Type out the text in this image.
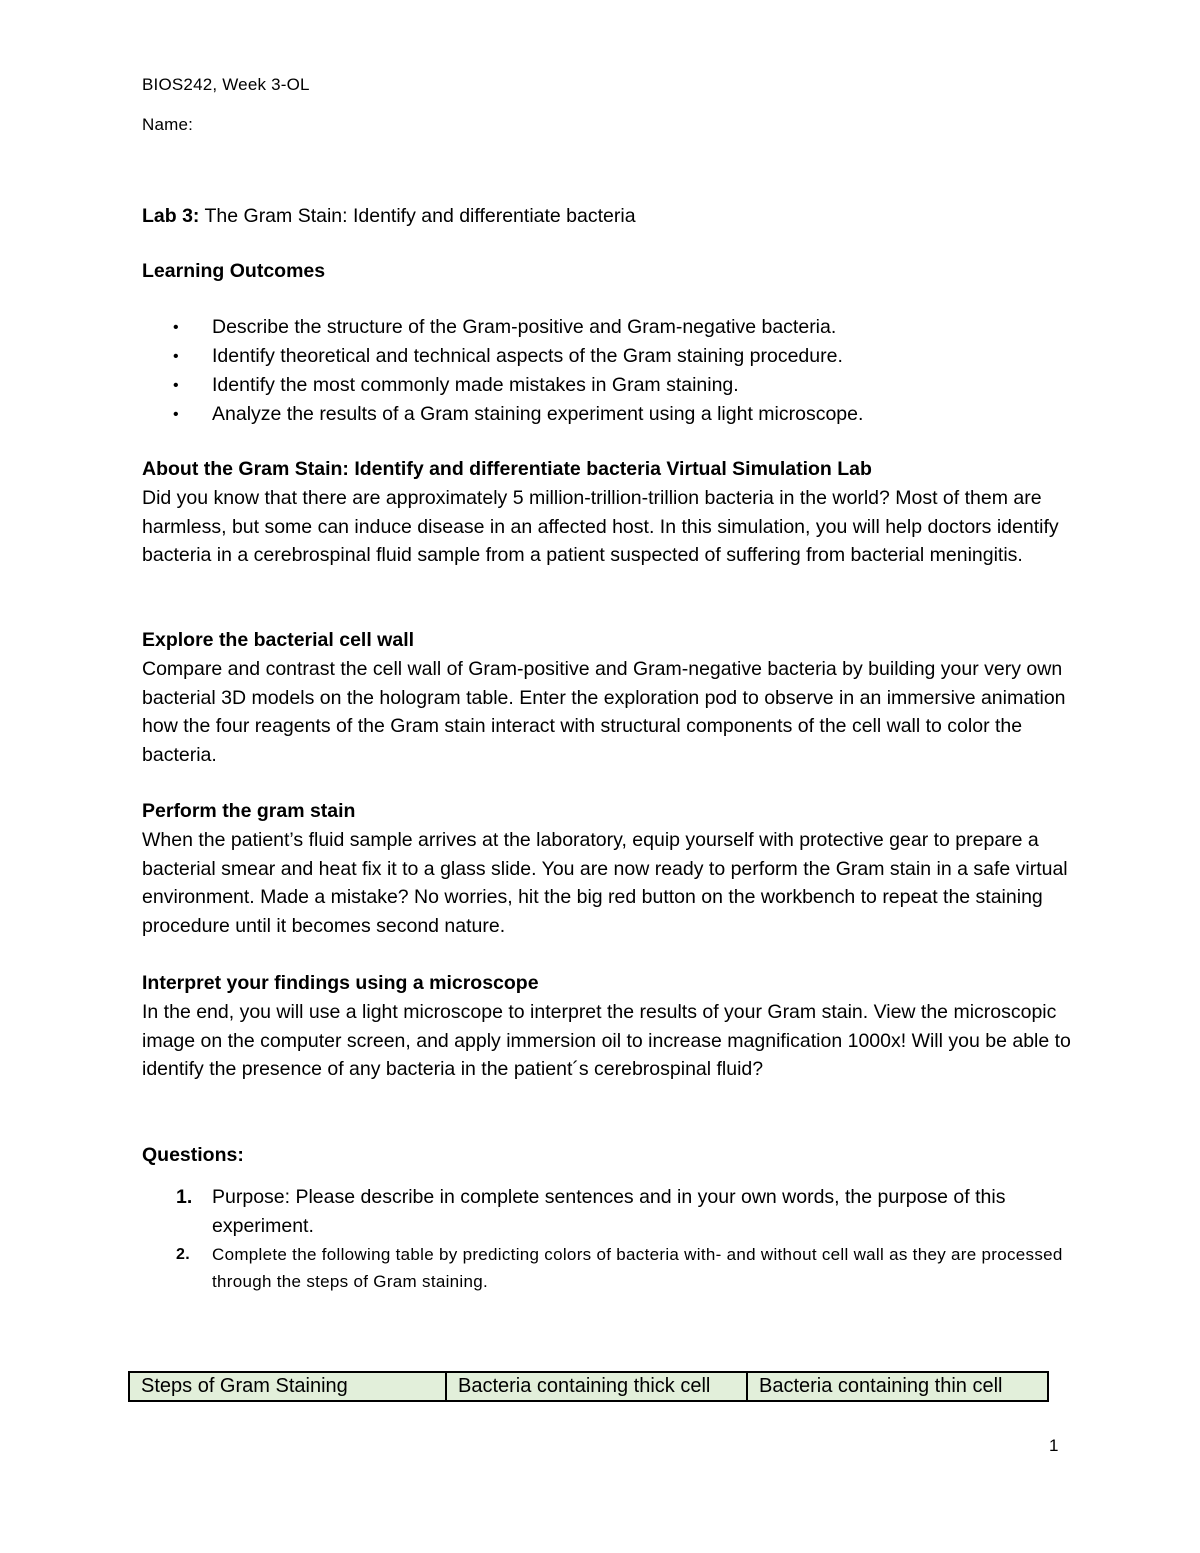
BIOS242, Week 3-OL
Name:
Lab 3: The Gram Stain: Identify and differentiate bacteria
Learning Outcomes
• Describe the structure of the Gram-positive and Gram-negative bacteria.
• Identify theoretical and technical aspects of the Gram staining procedure.
• Identify the most commonly made mistakes in Gram staining.
• Analyze the results of a Gram staining experiment using a light microscope.
About the Gram Stain: Identify and differentiate bacteria Virtual Simulation Lab
Did you know that there are approximately 5 million-trillion-trillion bacteria in the world? Most of them are harmless, but some can induce disease in an affected host. In this simulation, you will help doctors identify bacteria in a cerebrospinal fluid sample from a patient suspected of suffering from bacterial meningitis.
Explore the bacterial cell wall
Compare and contrast the cell wall of Gram-positive and Gram-negative bacteria by building your very own bacterial 3D models on the hologram table. Enter the exploration pod to observe in an immersive animation how the four reagents of the Gram stain interact with structural components of the cell wall to color the bacteria.
Perform the gram stain
When the patient’s fluid sample arrives at the laboratory, equip yourself with protective gear to prepare a bacterial smear and heat fix it to a glass slide. You are now ready to perform the Gram stain in a safe virtual environment. Made a mistake? No worries, hit the big red button on the workbench to repeat the staining procedure until it becomes second nature.
Interpret your findings using a microscope
In the end, you will use a light microscope to interpret the results of your Gram stain. View the microscopic image on the computer screen, and apply immersion oil to increase magnification 1000x! Will you be able to identify the presence of any bacteria in the patient´s cerebrospinal fluid?
Questions:
1. Purpose: Please describe in complete sentences and in your own words, the purpose of this experiment.
2. Complete the following table by predicting colors of bacteria with- and without cell wall as they are processed through the steps of Gram staining.
Steps of Gram Staining	Bacteria containing thick cell	Bacteria containing thin cell
1
